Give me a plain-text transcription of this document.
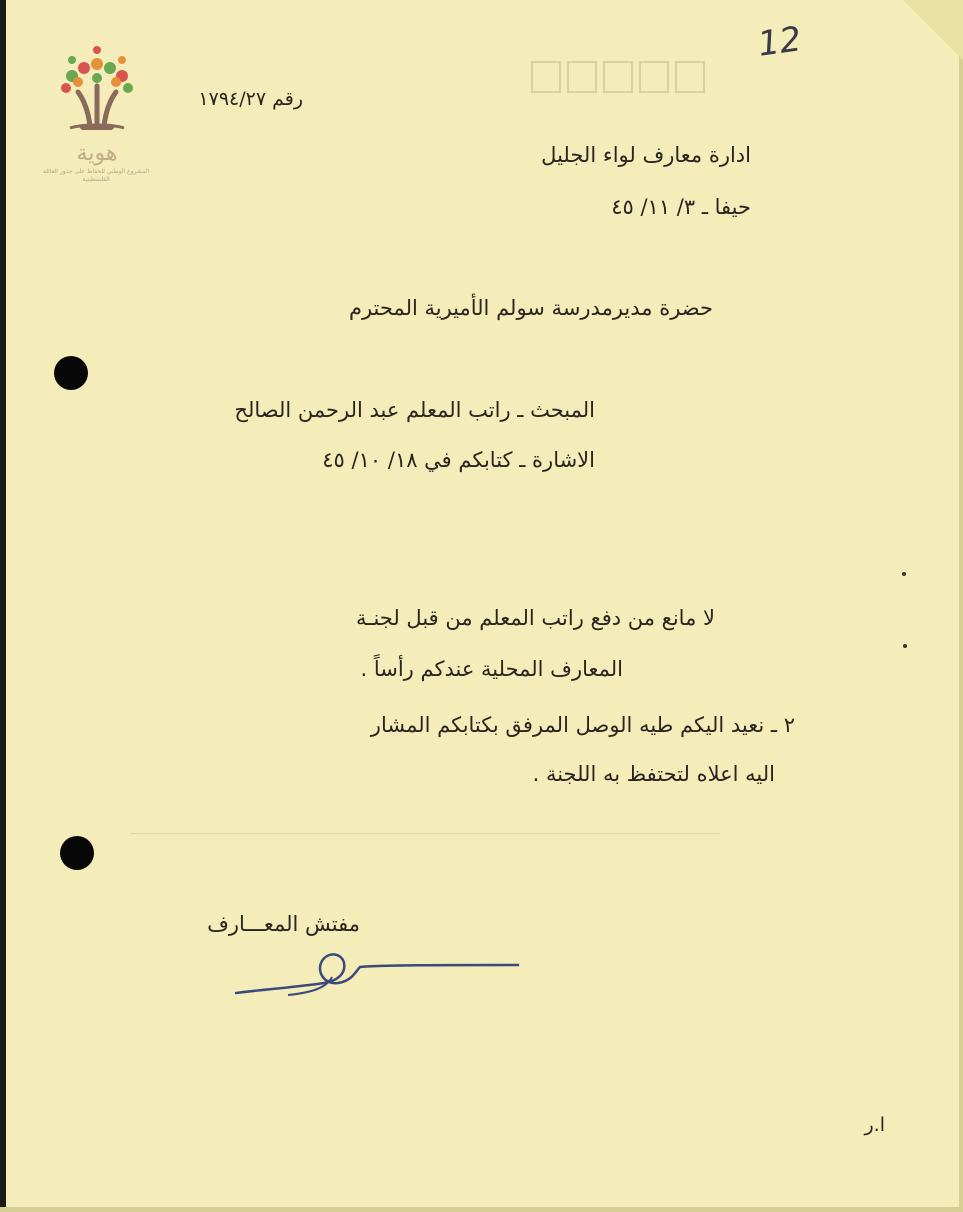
هوية
المشروع الوطني للحفاظ على جذور العائلة الفلسطينية
12
رقم ١٧٩٤/٢٧
ادارة معارف لواء الجليل
حيفا ـ ٣/ ١١/ ٤٥
حضرة مديرمدرسة سولم الأميرية المحترم
المبحث ـ راتب المعلم عبد الرحمن الصالح
الاشارة ـ كتابكم في ١٨/ ١٠/ ٤٥
لا مانع من دفع راتب المعلم من قبل لجنـة
المعارف المحلية عندكم رأساً .
٢ ـ نعيد اليكم طيه الوصل المرفق بكتابكم المشار
اليه اعلاه لتحتفظ به اللجنة .
مفتش المعـــارف
ا.ر
